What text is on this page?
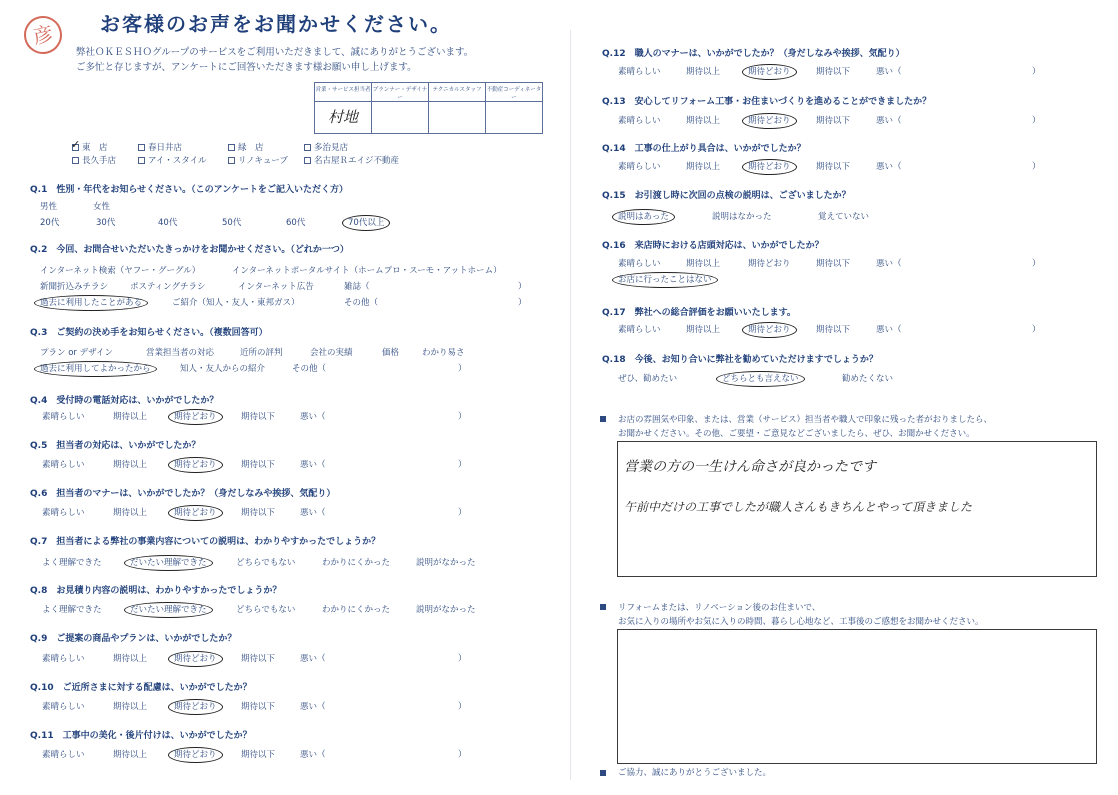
彦	お客様のお声をお聞かせください。
弊社ＯＫＥＳＨＯグループのサービスをご利用いただきまして、誠にありがとうございます。
ご多忙と存じますが、アンケートにご回答いただきます様お願い申し上げます。
営業・サービス担当者	プランナー・デザイナー	テクニカルスタッフ	不動産コーディネーター
村地			
✓東　店	春日井店	緑　店	多治見店
長久手店	アイ・スタイル	リノキューブ	名古屋Ｒエイジ不動産
Q.1　性別・年代をお知らせください。（このアンケートをご記入いただく方）
男性	女性
20代	30代	40代	50代	60代	70代以上
Q.2　今回、お問合せいただいたきっかけをお聞かせください。（どれか一つ）
インターネット検索（ヤフー・グーグル）	インターネットポータルサイト（ホームプロ・スーモ・アットホーム）
新聞折込みチラシ	ポスティングチラシ	インターネット広告	雑誌（	）
過去に利用したことがある	ご紹介（知人・友人・東邦ガス）	その他（	）
Q.3　ご契約の決め手をお知らせください。（複数回答可）
プラン or デザイン	営業担当者の対応	近所の評判	会社の実績	価格	わかり易さ
過去に利用してよかったから	知人・友人からの紹介	その他（	）
Q.4　受付時の電話対応は、いかがでしたか？
素晴らしい	期待以上	期待どおり	期待以下	悪い（	）
Q.5　担当者の対応は、いかがでしたか？
素晴らしい	期待以上	期待どおり	期待以下	悪い（	）
Q.6　担当者のマナーは、いかがでしたか？（身だしなみや挨拶、気配り）
素晴らしい	期待以上	期待どおり	期待以下	悪い（	）
Q.7　担当者による弊社の事業内容についての説明は、わかりやすかったでしょうか？
よく理解できた	だいたい理解できた	どちらでもない	わかりにくかった	説明がなかった
Q.8　お見積り内容の説明は、わかりやすかったでしょうか？
よく理解できた	だいたい理解できた	どちらでもない	わかりにくかった	説明がなかった
Q.9　ご提案の商品やプランは、いかがでしたか？
素晴らしい	期待以上	期待どおり	期待以下	悪い（	）
Q.10　ご近所さまに対する配慮は、いかがでしたか？
素晴らしい	期待以上	期待どおり	期待以下	悪い（	）
Q.11　工事中の美化・後片付けは、いかがでしたか？
素晴らしい	期待以上	期待どおり	期待以下	悪い（	）
Q.12　職人のマナーは、いかがでしたか？（身だしなみや挨拶、気配り）
素晴らしい	期待以上	期待どおり	期待以下	悪い（	）
Q.13　安心してリフォーム工事・お住まいづくりを進めることができましたか？
素晴らしい	期待以上	期待どおり	期待以下	悪い（	）
Q.14　工事の仕上がり具合は、いかがでしたか？
素晴らしい	期待以上	期待どおり	期待以下	悪い（	）
Q.15　お引渡し時に次回の点検の説明は、ございましたか？
説明はあった	説明はなかった	覚えていない
Q.16　来店時における店頭対応は、いかがでしたか？
素晴らしい	期待以上	期待どおり	期待以下	悪い（	）
お店に行ったことはない
Q.17　弊社への総合評価をお願いいたします。
素晴らしい	期待以上	期待どおり	期待以下	悪い（	）
Q.18　今後、お知り合いに弊社を勧めていただけますでしょうか？
ぜひ、勧めたい	どちらとも言えない	勧めたくない
お店の雰囲気や印象、または、営業（サービス）担当者や職人で印象に残った者がおりましたら、
お聞かせください。その他、ご要望・ご意見などございましたら、ぜひ、お聞かせください。
営業の方の一生けん命さが良かったです
午前中だけの工事でしたが職人さんもきちんとやって頂きました
リフォームまたは、リノベーション後のお住まいで、
お気に入りの場所やお気に入りの時間、暮らし心地など、工事後のご感想をお聞かせください。
ご協力、誠にありがとうございました。
